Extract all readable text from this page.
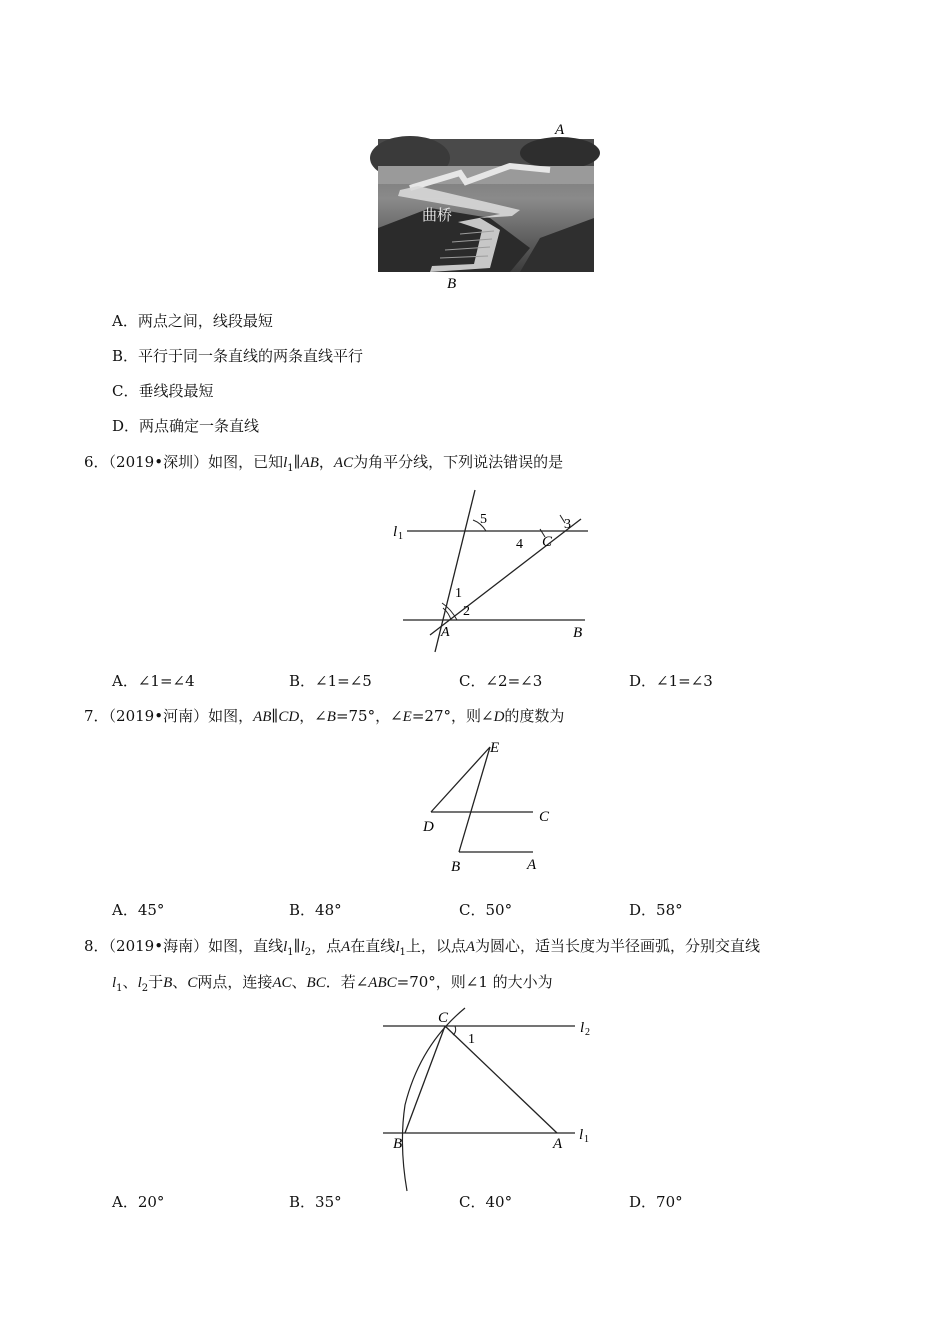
曲桥
A
B
A．两点之间，线段最短
B．平行于同一条直线的两条直线平行
C．垂线段最短
D．两点确定一条直线
6．（2019•深圳）如图，已知$l_1\parallel AB$，AC为角平分线，下列说法错误的是
l 1
5	3
4 C
1
2
A	B
A．∠1=∠4	B．∠1=∠5	C．∠2=∠3	D．∠1=∠3
7．（2019•河南）如图，AB∥CD，∠B=75°，∠E=27°，则∠D的度数为
E
D
C
B	A
A．45°	B．48°	C．50°	D．58°
8．（2019•海南）如图，直线$l_1\parallel l_2$，点A在直线$l_1$上，以点A为圆心，适当长度为半径画弧，分别交直线
$l_1$、$l_2$于B、C两点，连接AC、BC．若∠ABC=70°，则∠1 的大小为
C
1
l 2
B	A
l 1
A．20°	B．35°	C．40°	D．70°
